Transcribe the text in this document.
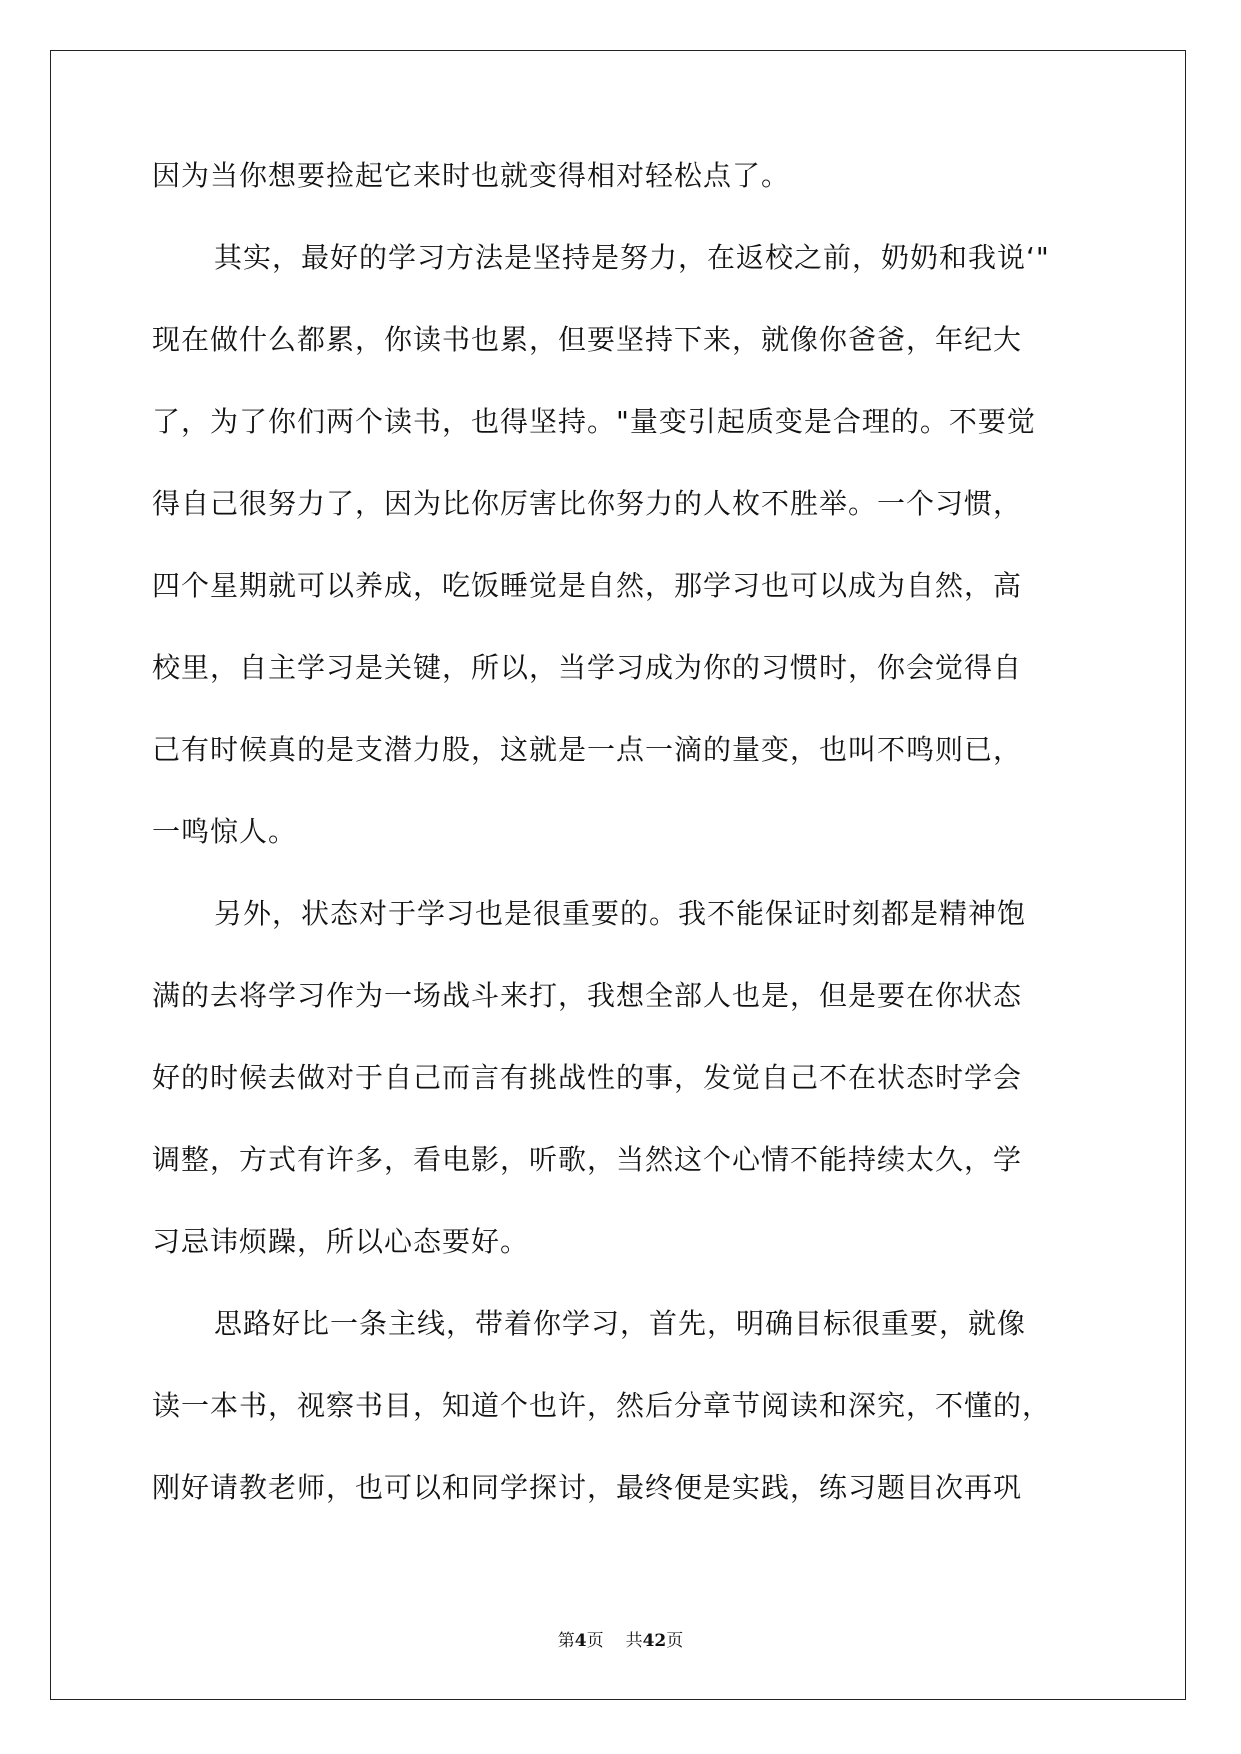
因为当你想要捡起它来时也就变得相对轻松点了。
其实，最好的学习方法是坚持是努力，在返校之前，奶奶和我说‘"
现在做什么都累，你读书也累，但要坚持下来，就像你爸爸，年纪大
了，为了你们两个读书，也得坚持。"量变引起质变是合理的。不要觉
得自己很努力了，因为比你厉害比你努力的人枚不胜举。一个习惯，
四个星期就可以养成，吃饭睡觉是自然，那学习也可以成为自然，高
校里，自主学习是关键，所以，当学习成为你的习惯时，你会觉得自
己有时候真的是支潜力股，这就是一点一滴的量变，也叫不鸣则已，
一鸣惊人。
另外，状态对于学习也是很重要的。我不能保证时刻都是精神饱
满的去将学习作为一场战斗来打，我想全部人也是，但是要在你状态
好的时候去做对于自己而言有挑战性的事，发觉自己不在状态时学会
调整，方式有许多，看电影，听歌，当然这个心情不能持续太久，学
习忌讳烦躁，所以心态要好。
思路好比一条主线，带着你学习，首先，明确目标很重要，就像
读一本书，视察书目，知道个也许，然后分章节阅读和深究，不懂的，
刚好请教老师，也可以和同学探讨，最终便是实践，练习题目次再巩
第4页 共42页
